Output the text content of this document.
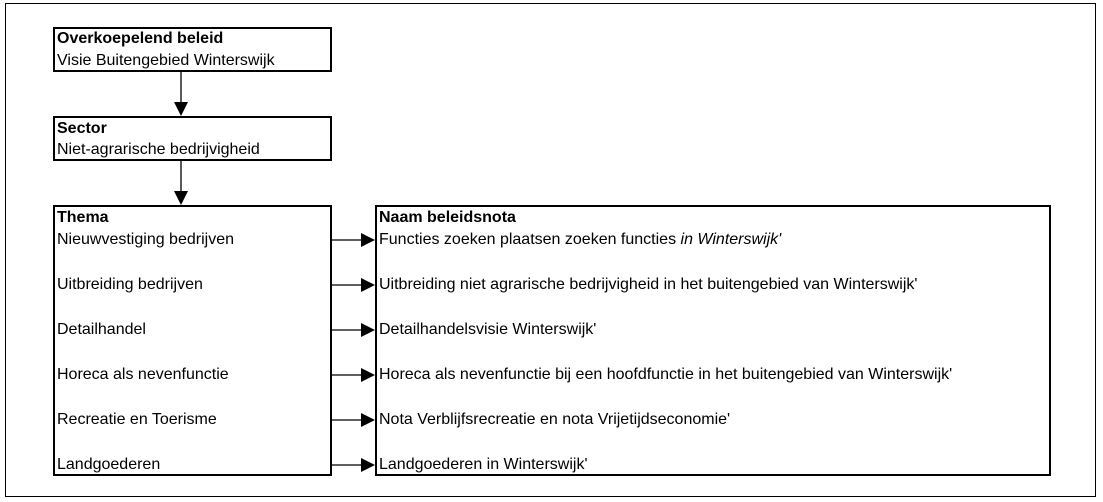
Overkoepelend beleid
Visie Buitengebied Winterswijk
Sector
Niet-agrarische bedrijvigheid
Thema
Nieuwvestiging bedrijven
Uitbreiding bedrijven
Detailhandel
Horeca als nevenfunctie
Recreatie en Toerisme
Landgoederen
Naam beleidsnota
Functies zoeken plaatsen zoeken functies in Winterswijk'
Uitbreiding niet agrarische bedrijvigheid in het buitengebied van Winterswijk'
Detailhandelsvisie Winterswijk'
Horeca als nevenfunctie bij een hoofdfunctie in het buitengebied van Winterswijk'
Nota Verblijfsrecreatie en nota Vrijetijdseconomie'
Landgoederen in Winterswijk'
